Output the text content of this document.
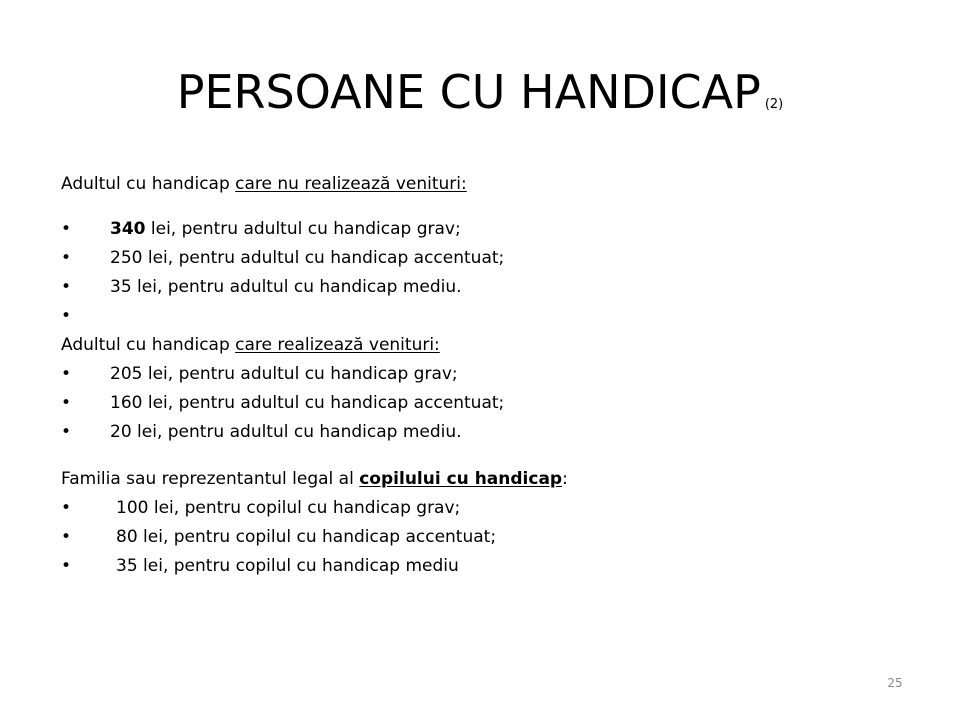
PERSOANE CU HANDICAP (2)
Adultul cu handicap care nu realizează venituri:
• 340 lei, pentru adultul cu handicap grav;
• 250 lei, pentru adultul cu handicap accentuat;
• 35 lei, pentru adultul cu handicap mediu.
•
Adultul cu handicap care realizează venituri:
• 205 lei, pentru adultul cu handicap grav;
• 160 lei, pentru adultul cu handicap accentuat;
• 20 lei, pentru adultul cu handicap mediu.
Familia sau reprezentantul legal al copilului cu handicap:
•	100 lei, pentru copilul cu handicap grav;
•	80 lei, pentru copilul cu handicap accentuat;
•	35 lei, pentru copilul cu handicap mediu
25
